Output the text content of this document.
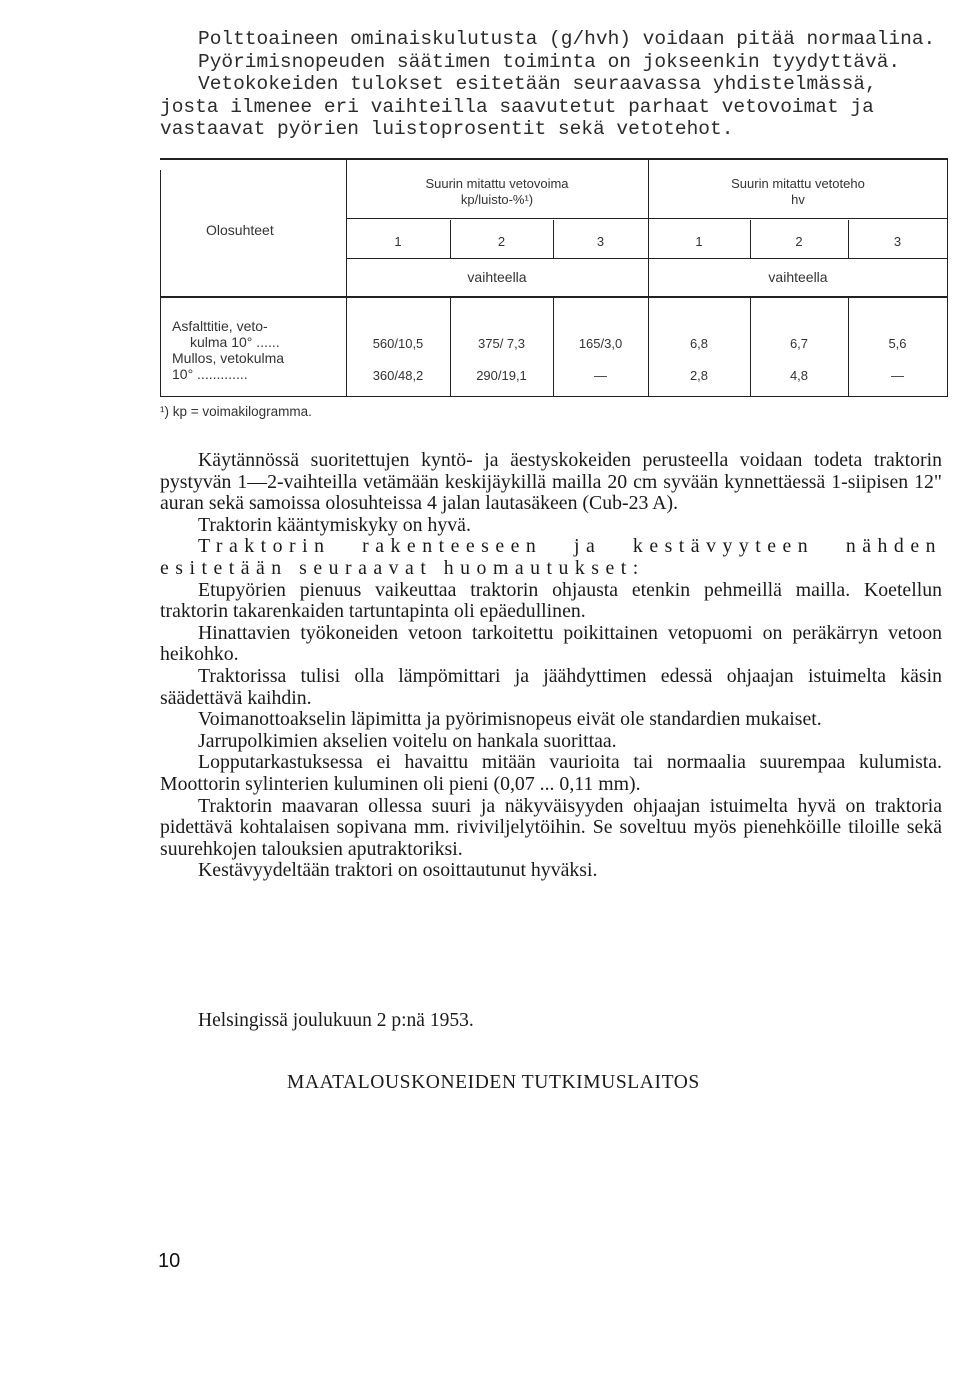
Polttoaineen ominaiskulutusta (g/hvh) voidaan pitää normaalina.

Pyörimisnopeuden säätimen toiminta on jokseenkin tyydyttävä.

Vetokokeiden tulokset esitetään seuraavassa yhdistelmässä, josta ilmenee eri vaihteilla saavutetut parhaat vetovoimat ja vastaavat pyörien luistoprosentit sekä vetotehot.

Olosuhteet
Suurin mitattu vetovoima
kp/luisto-%¹)
Suurin mitattu vetoteho
hv
1	2	3	1	2	3
vaihteella	vaihteella
Asfalttitie, veto-
kulma 10° ......	560/10,5	375/ 7,3	165/3,0	6,8	6,7	5,6
Mullos, vetokulma
10° .............	360/48,2	290/19,1	—	2,8	4,8	—
¹) kp = voimakilogramma.

Käytännössä suoritettujen kyntö- ja äestyskokeiden perusteella voidaan todeta traktorin pystyvän 1—2-vaihteilla vetämään keskijäykillä mailla 20 cm syvään kynnettäessä 1-siipisen 12" auran sekä samoissa olosuhteissa 4 jalan lautasäkeen (Cub-23 A).

Traktorin kääntymiskyky on hyvä.

Traktorin rakenteeseen ja kestävyyteen nähden esitetään seuraavat huomautukset:

Etupyörien pienuus vaikeuttaa traktorin ohjausta etenkin pehmeillä mailla. Koetellun traktorin takarenkaiden tartuntapinta oli epäedullinen.

Hinattavien työkoneiden vetoon tarkoitettu poikittainen vetopuomi on peräkärryn vetoon heikohko.

Traktorissa tulisi olla lämpömittari ja jäähdyttimen edessä ohjaajan istuimelta käsin säädettävä kaihdin.

Voimanottoakselin läpimitta ja pyörimisnopeus eivät ole standardien mukaiset.

Jarrupolkimien akselien voitelu on hankala suorittaa.

Lopputarkastuksessa ei havaittu mitään vaurioita tai normaalia suurempaa kulumista. Moottorin sylinterien kuluminen oli pieni (0,07 ... 0,11 mm).

Traktorin maavaran ollessa suuri ja näkyväisyyden ohjaajan istuimelta hyvä on traktoria pidettävä kohtalaisen sopivana mm. riviviljelytöihin. Se soveltuu myös pienehköille tiloille sekä suurehkojen talouksien aputraktoriksi.

Kestävyydeltään traktori on osoittautunut hyväksi.

Helsingissä joulukuun 2 p:nä 1953.
MAATALOUSKONEIDEN TUTKIMUSLAITOS
10
